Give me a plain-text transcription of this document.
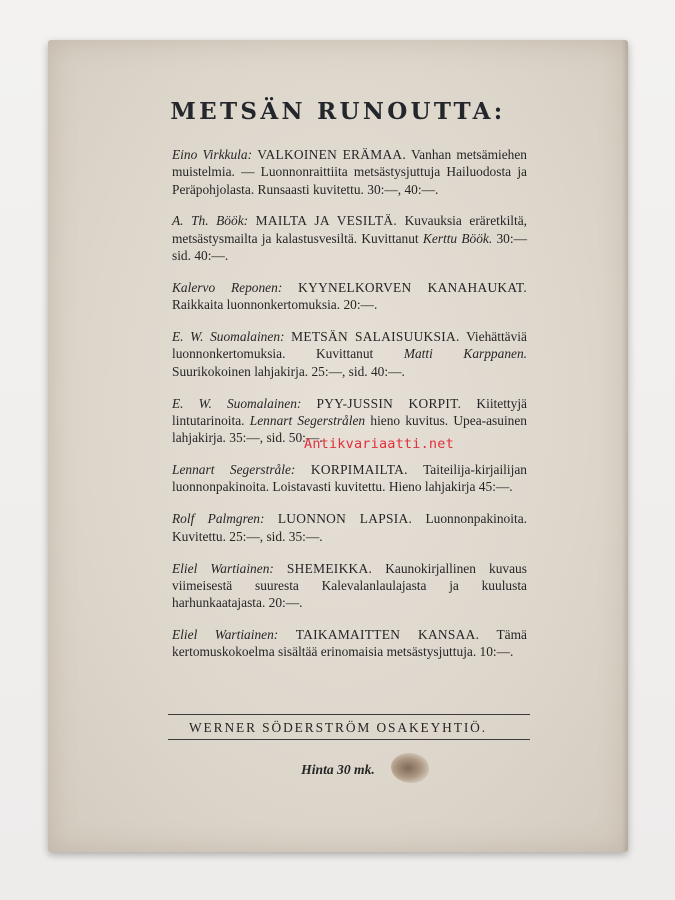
METSÄN RUNOUTTA:

Eino Virkkula: VALKOINEN ERÄMAA. Vanhan metsämiehen muistelmia. — Luonnonraittiita metsästysjuttuja Hailuodosta ja Peräpohjolasta. Runsaasti kuvitettu. 30:—, 40:—.

A. Th. Böök: MAILTA JA VESILTÄ. Kuvauksia eräretkiltä, metsästysmailta ja kalastusvesiltä. Kuvittanut Kerttu Böök. 30:— sid. 40:—.

Kalervo Reponen: KYYNELKORVEN KANAHAUKAT. Raikkaita luonnonkertomuksia. 20:—.

E. W. Suomalainen: METSÄN SALAISUUKSIA. Viehättäviä luonnonkertomuksia. Kuvittanut Matti Karppanen. Suurikokoinen lahjakirja. 25:—, sid. 40:—.

E. W. Suomalainen: PYY-JUSSIN KORPIT. Kiitettyjä lintutarinoita. Lennart Segerstrålen hieno kuvitus. Upea-asuinen lahjakirja. 35:—, sid. 50:—.

Lennart Segerstråle: KORPIMAILTA. Taiteilija-kirjailijan luonnonpakinoita. Loistavasti kuvitettu. Hieno lahjakirja 45:—.

Rolf Palmgren: LUONNON LAPSIA. Luonnonpakinoita. Kuvitettu. 25:—, sid. 35:—.

Eliel Wartiainen: SHEMEIKKA. Kaunokirjallinen kuvaus viimeisestä suuresta Kalevalanlaulajasta ja kuulusta harhunkaatajasta. 20:—.

Eliel Wartiainen: TAIKAMAITTEN KANSAA. Tämä kertomuskokoelma sisältää erinomaisia metsästysjuttuja. 10:—.

WERNER SÖDERSTRÖM OSAKEYHTIÖ.
Hinta 30 mk.
Antikvariaatti.net
